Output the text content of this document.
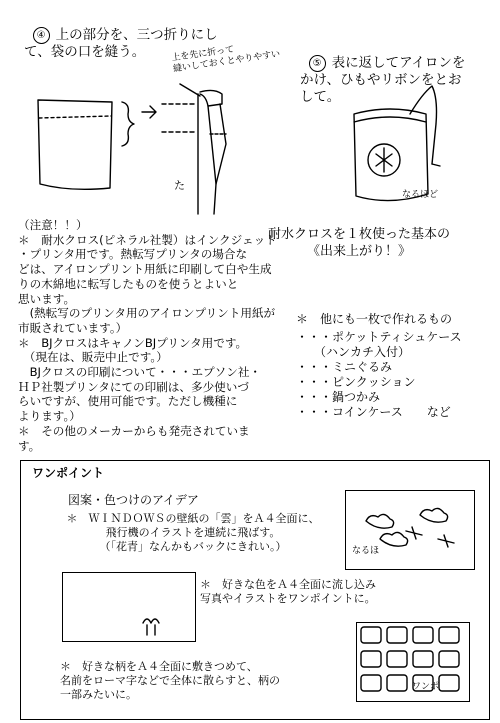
④ 上の部分を、三つ折りにし
て、袋の口を縫う。	上を先に折って
縫いしておくとやりやすい
た

⑤ 表に返してアイロンを
かけ、ひもやリボンをとお
して。

なるほど
（注意！！）
＊　耐水クロス(ピネラル社製）はインクジェット
・プリンタ用です。熱転写プリンタの場合な
どは、アイロンプリント用紙に印刷して白や生成
りの木綿地に転写したものを使うとよいと
思います。
　(熱転写のプリンタ用のアイロンプリント用紙が
市販されています。）
＊　BJクロスはキャノンBJプリンタ用です。
　（現在は、販売中止です。）
　BJクロスの印刷について・・・エプソン社・
ＨＰ社製プリンタにての印刷は、多少使いづ
らいですが、使用可能です。ただし機種に
よります。）
＊　その他のメーカーからも発売されていま
す。
耐水クロスを１枚使った基本の
《出来上がり！》
＊　他にも一枚で作れるもの
・・・ポケットティシュケース
　　（ハンカチ入付）
・・・ミニぐるみ
・・・ピンクッション
・・・鍋つかみ
・・・コインケース　　など
ワンポイント
図案・色つけのアイデア
＊　ＷＩＮＤＯＷＳの壁紙の「雲」をＡ４全面に、
飛行機のイラストを連続に飛ばす。
（「花青」なんかもバックにきれい。）	なるほ
＊　好きな色をＡ４全面に流し込み
写真やイラストをワンポイントに。
ワンポ
＊　好きな柄をＡ４全面に敷きつめて、
名前をローマ字などで全体に散らすと、柄の
一部みたいに。
